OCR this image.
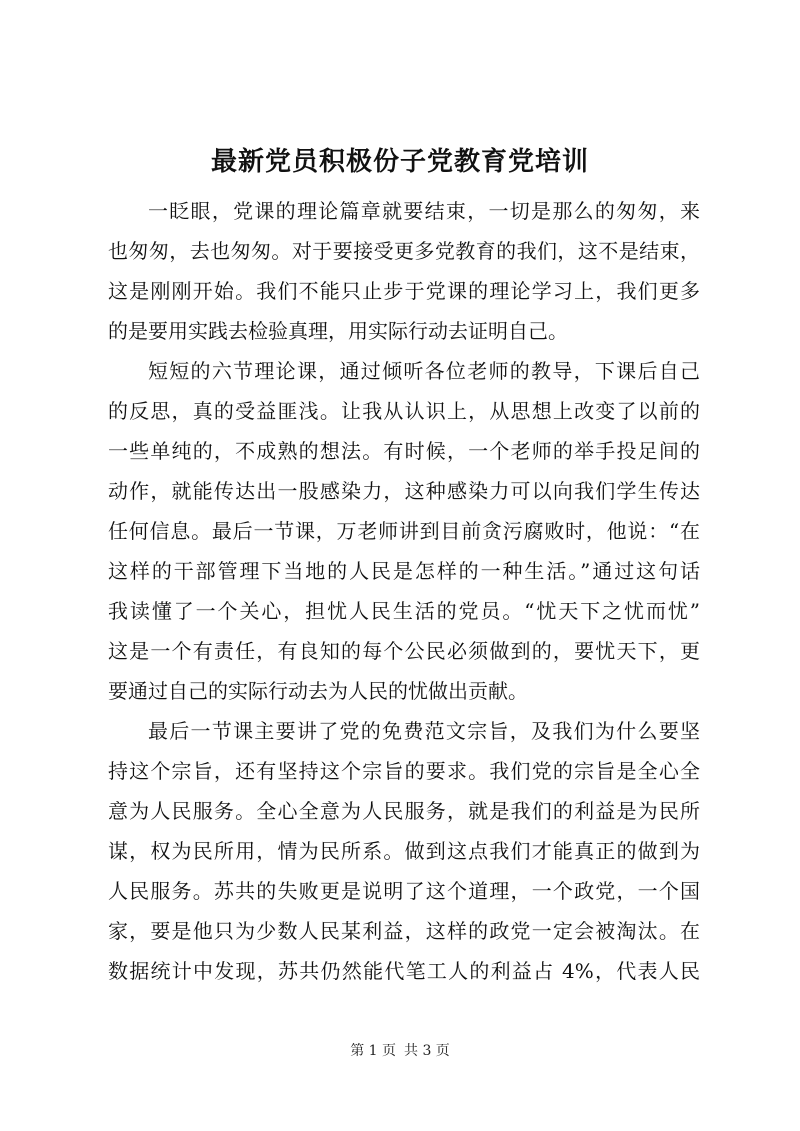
最新党员积极份子党教育党培训
一眨眼，党课的理论篇章就要结束，一切是那么的匆匆，来
也匆匆，去也匆匆。对于要接受更多党教育的我们，这不是结束，
这是刚刚开始。我们不能只止步于党课的理论学习上，我们更多
的是要用实践去检验真理，用实际行动去证明自己。
短短的六节理论课，通过倾听各位老师的教导，下课后自己
的反思，真的受益匪浅。让我从认识上，从思想上改变了以前的
一些单纯的，不成熟的想法。有时候，一个老师的举手投足间的
动作，就能传达出一股感染力，这种感染力可以向我们学生传达
任何信息。最后一节课，万老师讲到目前贪污腐败时，他说：“在
这样的干部管理下当地的人民是怎样的一种生活。”通过这句话
我读懂了一个关心，担忧人民生活的党员。“忧天下之忧而忧”
这是一个有责任，有良知的每个公民必须做到的，要忧天下，更
要通过自己的实际行动去为人民的忧做出贡献。
最后一节课主要讲了党的免费范文宗旨，及我们为什么要坚
持这个宗旨，还有坚持这个宗旨的要求。我们党的宗旨是全心全
意为人民服务。全心全意为人民服务，就是我们的利益是为民所
谋，权为民所用，情为民所系。做到这点我们才能真正的做到为
人民服务。苏共的失败更是说明了这个道理，一个政党，一个国
家，要是他只为少数人民某利益，这样的政党一定会被淘汰。在
数据统计中发现，苏共仍然能代笔工人的利益占 4%，代表人民
第 1 页 共 3 页
